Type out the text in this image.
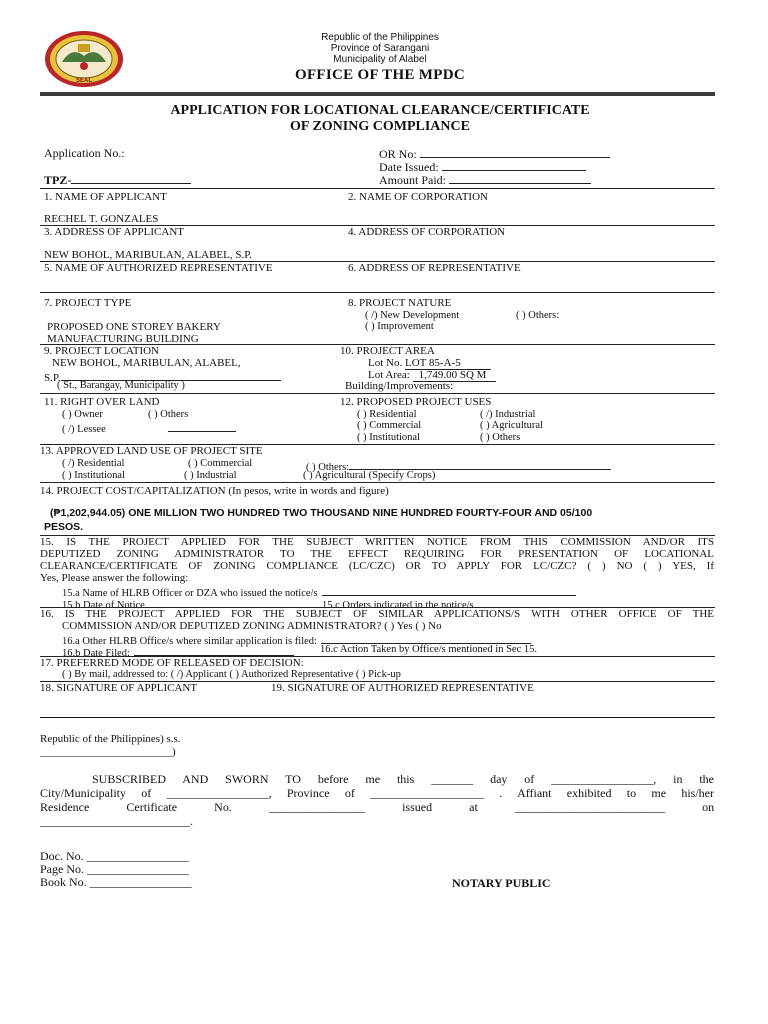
SEAL
Republic of the Philippines
Province of Sarangani
Municipality of Alabel
OFFICE OF THE MPDC
APPLICATION FOR LOCATIONAL CLEARANCE/CERTIFICATE
OF ZONING COMPLIANCE
Application No.:
TPZ-
OR No:
Date Issued:
Amount Paid:
1. NAME OF APPLICANT	2. NAME OF CORPORATION
RECHEL T. GONZALES
3. ADDRESS OF APPLICANT	4. ADDRESS OF CORPORATION
NEW BOHOL, MARIBULAN, ALABEL, S.P.
5. NAME OF AUTHORIZED REPRESENTATIVE	6. ADDRESS OF REPRESENTATIVE
7. PROJECT TYPE	8. PROJECT NATURE
( /) New Development	( ) Others:
( ) Improvement
PROPOSED ONE STOREY BAKERY
MANUFACTURING BUILDING
9. PROJECT LOCATION	10. PROJECT AREA
NEW BOHOL, MARIBULAN, ALABEL,
S.P.
( St., Barangay, Municipality )
Lot No. LOT 85-A-5
Lot Area: 1,749.00 SQ M
Building/Improvements:
11. RIGHT OVER LAND	12. PROPOSED PROJECT USES
( ) Owner	( ) Others
( /) Lessee
( ) Residential	( /) Industrial
( ) Commercial	( ) Agricultural
( ) Institutional	( ) Others
13. APPROVED LAND USE OF PROJECT SITE
( /) Residential	( ) Commercial	( ) Others:
( ) Institutional	( ) Industrial	( ) Agricultural (Specify Crops)
14. PROJECT COST/CAPITALIZATION (In pesos, write in words and figure)
(₱1,202,944.05) ONE MILLION TWO HUNDRED TWO THOUSAND NINE HUNDRED FOURTY-FOUR AND 05/100
PESOS.
15. IS THE PROJECT APPLIED FOR THE SUBJECT WRITTEN NOTICE FROM THIS COMMISSION AND/OR ITS
DEPUTIZED ZONING ADMINISTRATOR TO THE EFFECT REQUIRING FOR PRESENTATION OF LOCATIONAL
CLEARANCE/CERTIFICATE OF ZONING COMPLIANCE (LC/CZC) OR TO APPLY FOR LC/CZC? ( ) NO ( ) YES, If
Yes, Please answer the following:
15.a Name of HLRB Officer or DZA who issued the notice/s
15.b Date of Notice	15.c Orders indicated in the notice/s
16. IS THE PROJECT APPLIED FOR THE SUBJECT OF SIMILAR APPLICATIONS/S WITH OTHER OFFICE OF THE
COMMISSION AND/OR DEPUTIZED ZONING ADMINISTRATOR? ( ) Yes ( ) No
16.a Other HLRB Office/s where similar application is filed:
16.b Date Filed:	16.c Action Taken by Office/s mentioned in Sec 15.
17. PREFERRED MODE OF RELEASED OF DECISION:
( ) By mail, addressed to: ( /) Applicant ( ) Authorized Representative ( ) Pick-up
18. SIGNATURE OF APPLICANT	19. SIGNATURE OF AUTHORIZED REPRESENTATIVE
Republic of the Philippines) s.s.
________________________)
SUBSCRIBED AND SWORN TO before me this _______ day of _________________, in the
City/Municipality of _________________, Province of ___________________ . Affiant exhibited to me his/her
Residence	Certificate	No.	________________	issued	at	_________________________	on
_________________________.
Doc. No. _________________
Page No. _________________
Book No. _________________	NOTARY PUBLIC
